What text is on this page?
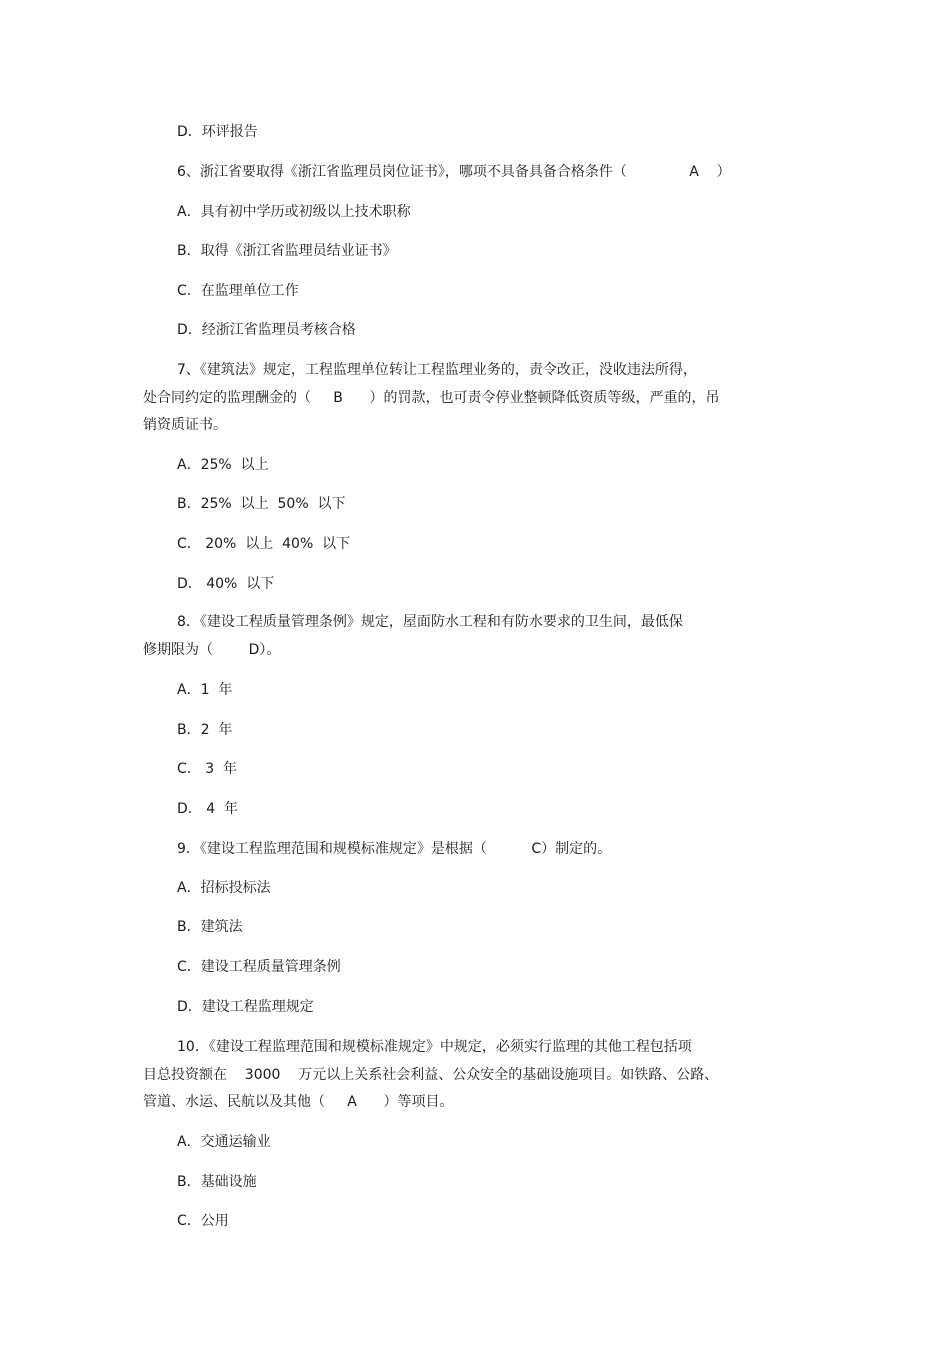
D．环评报告
6、浙江省要取得《浙江省监理员岗位证书》，哪项不具备具备合格条件（              A    ）
A．具有初中学历或初级以上技术职称
B．取得《浙江省监理员结业证书》
C．在监理单位工作
D．经浙江省监理员考核合格
7、《建筑法》规定，工程监理单位转让工程监理业务的，责令改正，没收违法所得，
处合同约定的监理酬金的（     B      ）的罚款，也可责令停业整顿降低资质等级，严重的，吊
销资质证书。
A．25%  以上
B．25%  以上  50%  以下
C． 20%  以上  40%  以下
D． 40%  以下
8．《建设工程质量管理条例》规定，屋面防水工程和有防水要求的卫生间，最低保
修期限为（        D）。
A．1  年
B．2  年
C． 3  年
D． 4  年
9．《建设工程监理范围和规模标准规定》是根据（          C）制定的。
A．招标投标法
B．建筑法
C．建设工程质量管理条例
D．建设工程监理规定
10．《建设工程监理范围和规模标准规定》中规定，必须实行监理的其他工程包括项
目总投资额在    3000    万元以上关系社会利益、公众安全的基础设施项目。如铁路、公路、
管道、水运、民航以及其他（     A      ）等项目。
A．交通运输业
B．基础设施
C．公用
